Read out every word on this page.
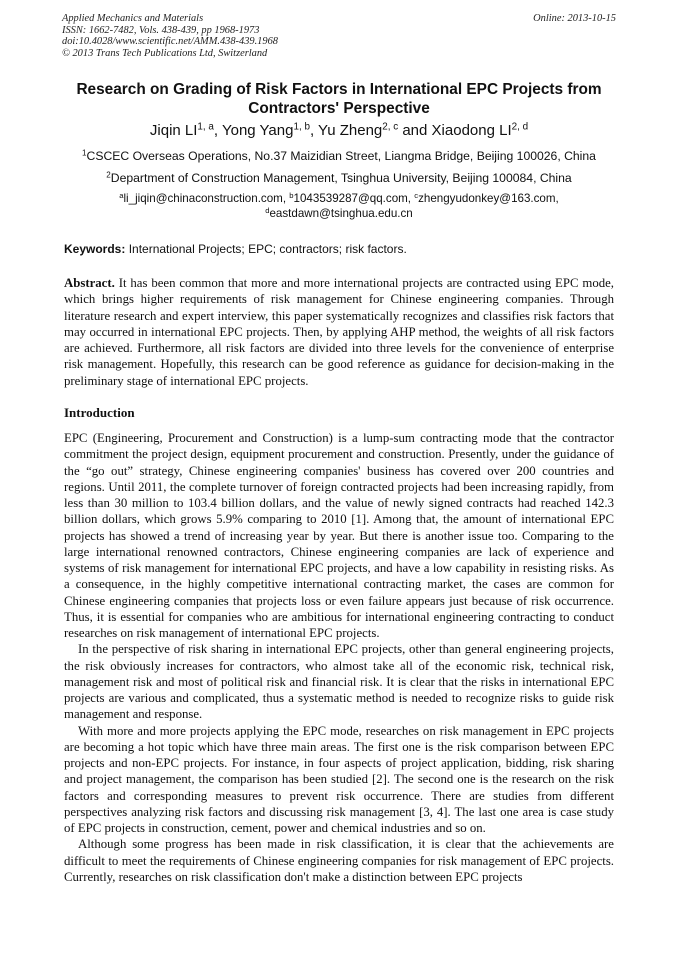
Applied Mechanics and Materials
ISSN: 1662-7482, Vols. 438-439, pp 1968-1973
doi:10.4028/www.scientific.net/AMM.438-439.1968
© 2013 Trans Tech Publications Ltd, Switzerland
Online: 2013-10-15
Research on Grading of Risk Factors in International EPC Projects from Contractors' Perspective
Jiqin LI$^{1, a}$, Yong Yang$^{1, b}$, Yu Zheng$^{2, c}$ and Xiaodong LI$^{2, d}$
$^1$CSCEC Overseas Operations, No.37 Maizidian Street, Liangma Bridge, Beijing 100026, China
$^2$Department of Construction Management, Tsinghua University, Beijing 100084, China
$^a$li_jiqin@chinaconstruction.com, $^b$1043539287@qq.com, $^c$zhengyudonkey@163.com,
$^d$eastdawn@tsinghua.edu.cn
Keywords: International Projects; EPC; contractors; risk factors.
Abstract. It has been common that more and more international projects are contracted using EPC mode, which brings higher requirements of risk management for Chinese engineering companies. Through literature research and expert interview, this paper systematically recognizes and classifies risk factors that may occurred in international EPC projects. Then, by applying AHP method, the weights of all risk factors are achieved. Furthermore, all risk factors are divided into three levels for the convenience of enterprise risk management. Hopefully, this research can be good reference as guidance for decision-making in the preliminary stage of international EPC projects.
Introduction

EPC (Engineering, Procurement and Construction) is a lump-sum contracting mode that the contractor commitment the project design, equipment procurement and construction. Presently, under the guidance of the “go out” strategy, Chinese engineering companies' business has covered over 200 countries and regions. Until 2011, the complete turnover of foreign contracted projects had been increasing rapidly, from less than 30 million to 103.4 billion dollars, and the value of newly signed contracts had reached 142.3 billion dollars, which grows 5.9% comparing to 2010 [1]. Among that, the amount of international EPC projects has showed a trend of increasing year by year. But there is another issue too. Comparing to the large international renowned contractors, Chinese engineering companies are lack of experience and systems of risk management for international EPC projects, and have a low capability in resisting risks. As a consequence, in the highly competitive international contracting market, the cases are common for Chinese engineering companies that projects loss or even failure appears just because of risk occurrence. Thus, it is essential for companies who are ambitious for international engineering contracting to conduct researches on risk management of international EPC projects.

In the perspective of risk sharing in international EPC projects, other than general engineering projects, the risk obviously increases for contractors, who almost take all of the economic risk, technical risk, management risk and most of political risk and financial risk. It is clear that the risks in international EPC projects are various and complicated, thus a systematic method is needed to recognize risks to guide risk management and response.

With more and more projects applying the EPC mode, researches on risk management in EPC projects are becoming a hot topic which have three main areas. The first one is the risk comparison between EPC projects and non-EPC projects. For instance, in four aspects of project application, bidding, risk sharing and project management, the comparison has been studied [2]. The second one is the research on the risk factors and corresponding measures to prevent risk occurrence. There are studies from different perspectives analyzing risk factors and discussing risk management [3, 4]. The last one area is case study of EPC projects in construction, cement, power and chemical industries and so on.

Although some progress has been made in risk classification, it is clear that the achievements are difficult to meet the requirements of Chinese engineering companies for risk management of EPC projects. Currently, researches on risk classification don't make a distinction between EPC projects
